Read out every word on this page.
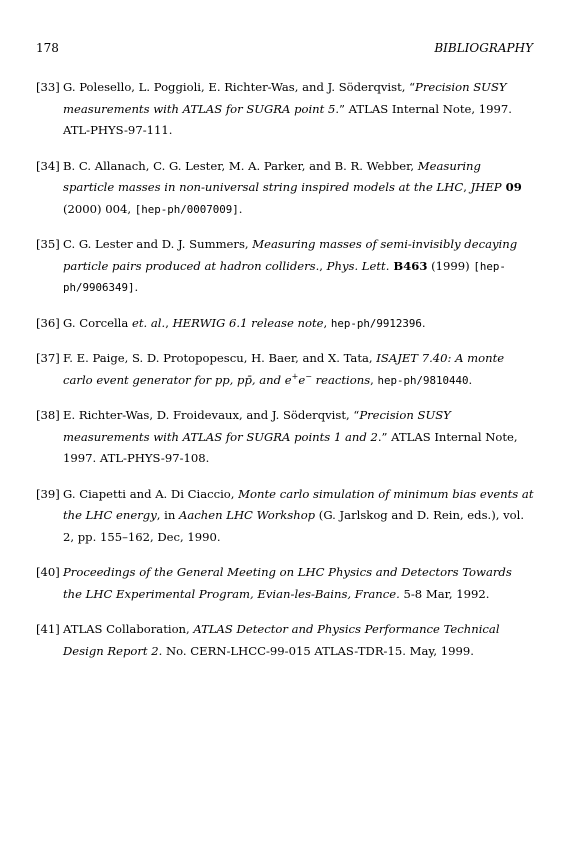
178	BIBLIOGRAPHY
[33] G. Polesello, L. Poggioli, E. Richter-Was, and J. Söderqvist, “Precision SUSY measurements with ATLAS for SUGRA point 5.” ATLAS Internal Note, 1997. ATL-PHYS-97-111.
[34] B. C. Allanach, C. G. Lester, M. A. Parker, and B. R. Webber, Measuring sparticle masses in non-universal string inspired models at the LHC, JHEP 09 (2000) 004, [hep-ph/0007009].
[35] C. G. Lester and D. J. Summers, Measuring masses of semi-invisibly decaying particle pairs produced at hadron colliders., Phys. Lett. B463 (1999) [hep-ph/9906349].
[36] G. Corcella et. al., HERWIG 6.1 release note, hep-ph/9912396.
[37] F. E. Paige, S. D. Protopopescu, H. Baer, and X. Tata, ISAJET 7.40: A monte carlo event generator for pp, pp̄, and e+e− reactions, hep-ph/9810440.
[38] E. Richter-Was, D. Froidevaux, and J. Söderqvist, “Precision SUSY measurements with ATLAS for SUGRA points 1 and 2.” ATLAS Internal Note, 1997. ATL-PHYS-97-108.
[39] G. Ciapetti and A. Di Ciaccio, Monte carlo simulation of minimum bias events at the LHC energy, in Aachen LHC Workshop (G. Jarlskog and D. Rein, eds.), vol. 2, pp. 155–162, Dec, 1990.
[40] Proceedings of the General Meeting on LHC Physics and Detectors Towards the LHC Experimental Program, Evian-les-Bains, France. 5-8 Mar, 1992.
[41] ATLAS Collaboration, ATLAS Detector and Physics Performance Technical Design Report 2. No. CERN-LHCC-99-015 ATLAS-TDR-15. May, 1999.
